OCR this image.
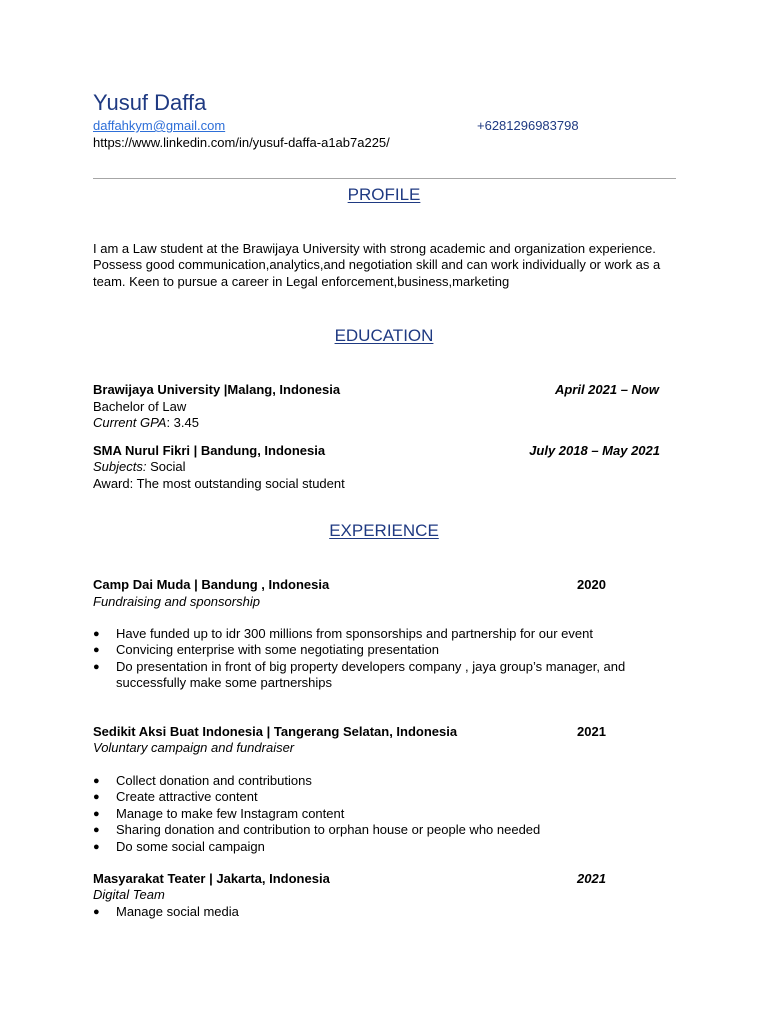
Yusuf Daffa
daffahkym@gmail.com	+6281296983798
https://www.linkedin.com/in/yusuf-daffa-a1ab7a225/
PROFILE
I am a Law student at the Brawijaya University with strong academic and organization experience. Possess good communication,analytics,and negotiation skill and can work individually or work as a team. Keen to pursue a career in Legal enforcement,business,marketing
EDUCATION
Brawijaya University |Malang, Indonesia	April 2021 – Now
Bachelor of Law
Current GPA: 3.45
SMA Nurul Fikri | Bandung, Indonesia	July 2018 – May 2021
Subjects: Social
Award: The most outstanding social student
EXPERIENCE
Camp Dai Muda | Bandung , Indonesia	2020
Fundraising and sponsorship
● Have funded up to idr 300 millions from sponsorships and partnership for our event
● Convicing enterprise with some negotiating presentation
● Do presentation in front of big property developers company , jaya group’s manager, and successfully make some partnerships
Sedikit Aksi Buat Indonesia | Tangerang Selatan, Indonesia	2021
Voluntary campaign and fundraiser
● Collect donation and contributions
● Create attractive content
● Manage to make few Instagram content
● Sharing donation and contribution to orphan house or people who needed
● Do some social campaign
Masyarakat Teater | Jakarta, Indonesia	2021
Digital Team
● Manage social media
